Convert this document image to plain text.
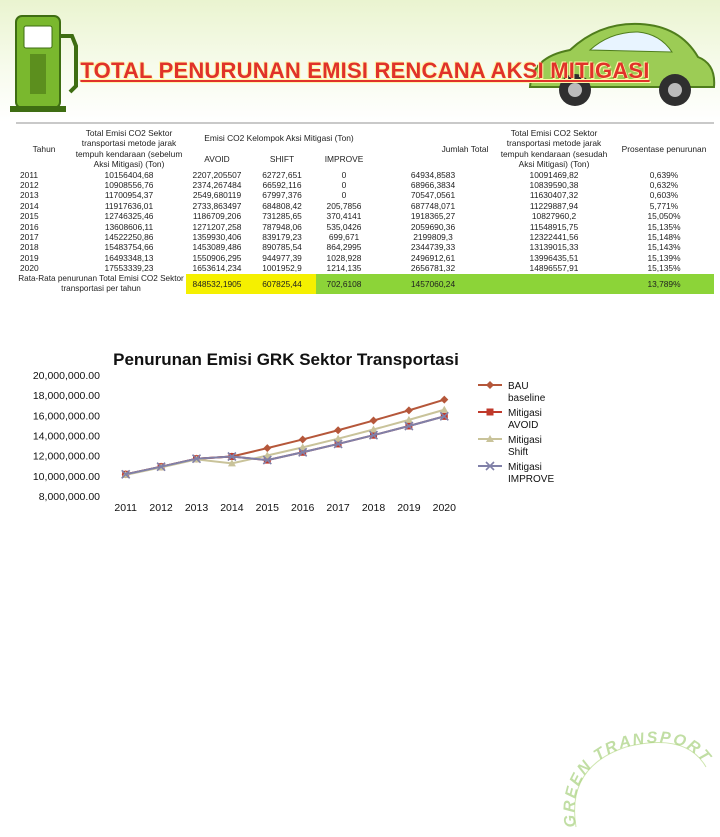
TOTAL PENURUNAN EMISI RENCANA AKSI MITIGASI
Tahun	Total Emisi CO2 Sektor transportasi metode jarak tempuh kendaraan (sebelum Aksi Mitigasi) (Ton)	Emisi CO2 Kelompok Aksi Mitigasi (Ton)				Jumlah Total	Total Emisi CO2 Sektor transportasi metode jarak tempuh kendaraan (sesudah Aksi Mitigasi) (Ton)	Prosentase penurunan
		AVOID	SHIFT	IMPROVE				
2011	10156404,68	2207,205507	62727,651	0	64934,8583		10091469,82	0,639%
2012	10908556,76	2374,267484	66592,116	0	68966,3834		10839590,38	0,632%
2013	11700954,37	2549,680119	67997,376	0	70547,0561		11630407,32	0,603%
2014	11917636,01	2733,863497	684808,42	205,7856	687748,071		11229887,94	5,771%
2015	12746325,46	1186709,206	731285,65	370,4141	1918365,27		10827960,2	15,050%
2016	13608606,11	1271207,258	787948,06	535,0426	2059690,36		11548915,75	15,135%
2017	14522250,86	1359930,406	839179,23	699,671	2199809,3		12322441,56	15,148%
2018	15483754,66	1453089,486	890785,54	864,2995	2344739,33		13139015,33	15,143%
2019	16493348,13	1550906,295	944977,39	1028,928	2496912,61		13996435,51	15,139%
2020	17553339,23	1653614,234	1001952,9	1214,135	2656781,32		14896557,91	15,135%
Rata-Rata penurunan Total Emisi CO2 Sektor transportasi per tahun		848532,1905	607825,44	702,6108	1457060,24			13,789%
Penurunan Emisi GRK Sektor Transportasi
8,000,000.00
10,000,000.00
12,000,000.00
14,000,000.00
16,000,000.00
18,000,000.00
20,000,000.00
2011 2012 2013 2014 2015 2016 2017 2018 2019 2020
BAU
baseline
Mitigasi
AVOID
Mitigasi
Shift
Mitigasi
IMPROVE
GREEN TRANSPORT
